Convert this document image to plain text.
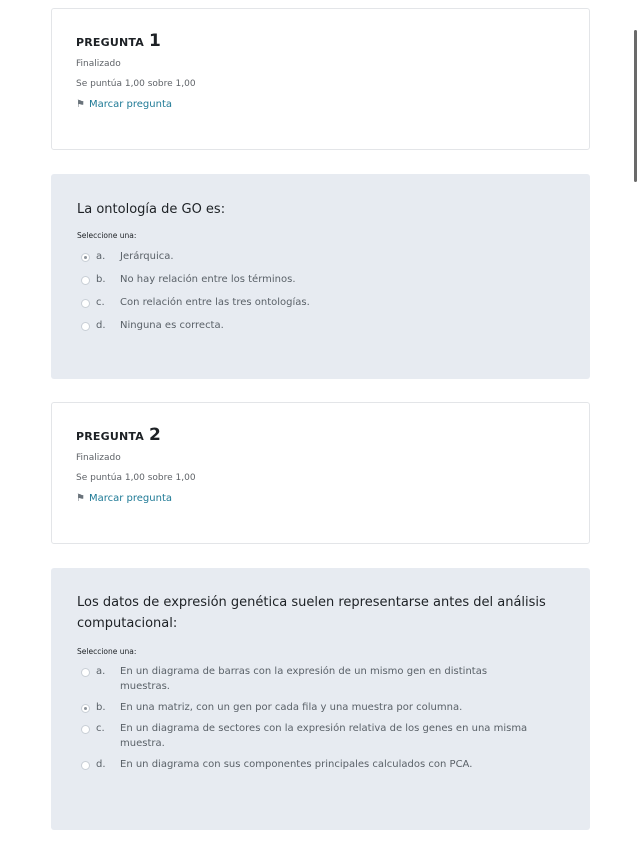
PREGUNTA 1
Finalizado
Se puntúa 1,00 sobre 1,00
⚑ Marcar pregunta
La ontología de GO es:
Seleccione una:
a.	Jerárquica.
b.	No hay relación entre los términos.
c.	Con relación entre las tres ontologías.
d.	Ninguna es correcta.
PREGUNTA 2
Finalizado
Se puntúa 1,00 sobre 1,00
⚑ Marcar pregunta
Los datos de expresión genética suelen representarse antes del análisis computacional:
Seleccione una:
a.	En un diagrama de barras con la expresión de un mismo gen en distintas muestras.
b.	En una matriz, con un gen por cada fila y una muestra por columna.
c.	En un diagrama de sectores con la expresión relativa de los genes en una misma muestra.
d.	En un diagrama con sus componentes principales calculados con PCA.
